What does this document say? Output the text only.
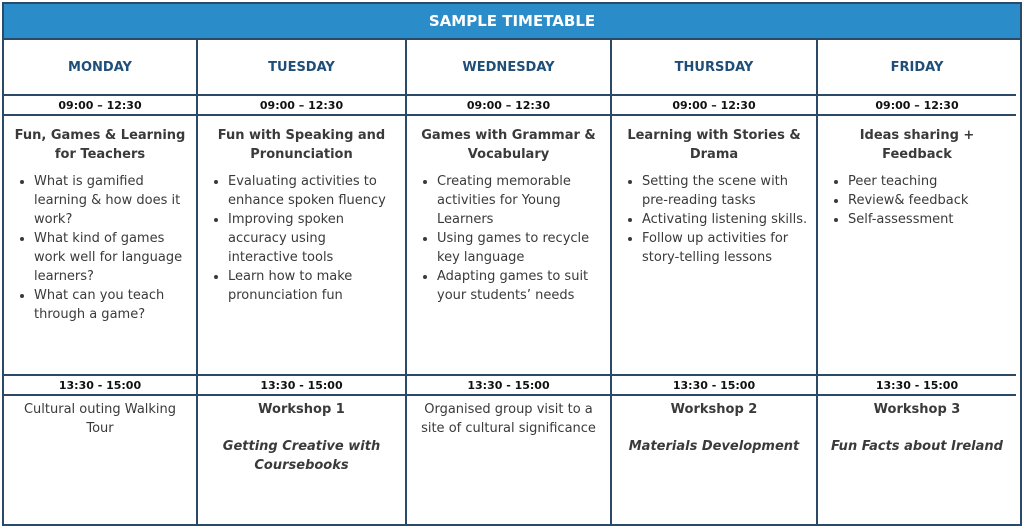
SAMPLE TIMETABLE
MONDAY
09:00 – 12:30
Fun, Games & Learning for Teachers
• What is gamified learning & how does it work?
• What kind of games work well for language learners?
• What can you teach through a game?
13:30 - 15:00
Cultural outing Walking Tour
TUESDAY
09:00 – 12:30
Fun with Speaking and Pronunciation
• Evaluating activities to enhance spoken fluency
• Improving spoken accuracy using interactive tools
• Learn how to make pronunciation fun
13:30 - 15:00
Workshop 1
Getting Creative with Coursebooks
WEDNESDAY
09:00 – 12:30
Games with Grammar & Vocabulary
• Creating memorable activities for Young Learners
• Using games to recycle key language
• Adapting games to suit your students’ needs
13:30 - 15:00
Organised group visit to a site of cultural significance
THURSDAY
09:00 – 12:30
Learning with Stories & Drama
• Setting the scene with pre-reading tasks
• Activating listening skills.
• Follow up activities for story-telling lessons
13:30 - 15:00
Workshop 2
Materials Development
FRIDAY
09:00 – 12:30
Ideas sharing + Feedback
• Peer teaching
• Review& feedback
• Self-assessment
13:30 - 15:00
Workshop 3
Fun Facts about Ireland
